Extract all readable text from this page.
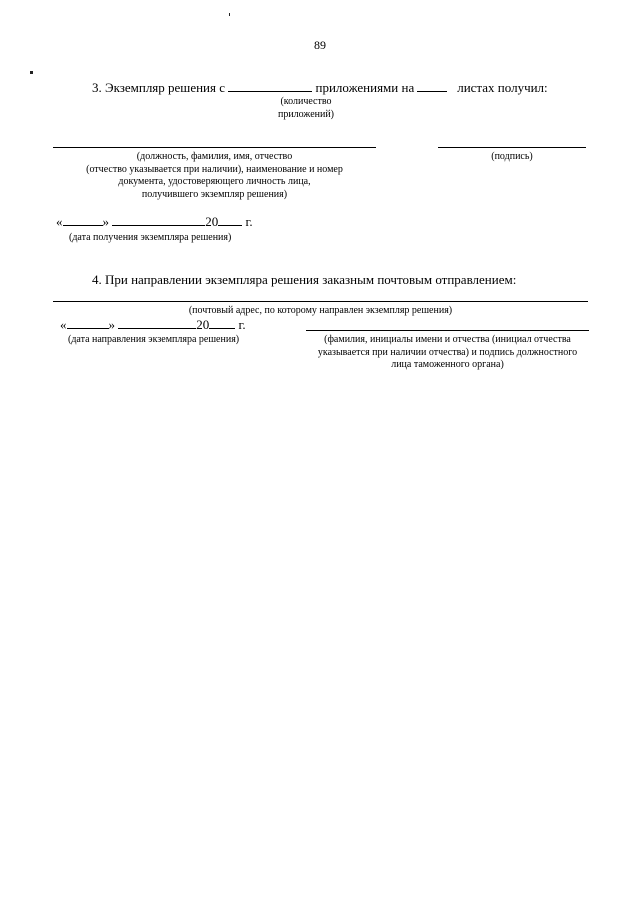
89
3. Экземпляр решения с	приложениями на	листах получил:
(количество
приложений)
(должность, фамилия, имя, отчество
(отчество указывается при наличии), наименование и номер
документа, удостоверяющего личность лица,
получившего экземпляр решения)
(подпись)
«	»	20 г.
(дата получения экземпляра решения)
4. При направлении экземпляра решения заказным почтовым отправлением:
(почтовый адрес, по которому направлен экземпляр решения)
«	»	20 г.
(дата направления экземпляра решения)	(фамилия, инициалы имени и отчества (инициал отчества
указывается при наличии отчества) и подпись должностного
лица таможенного органа)
